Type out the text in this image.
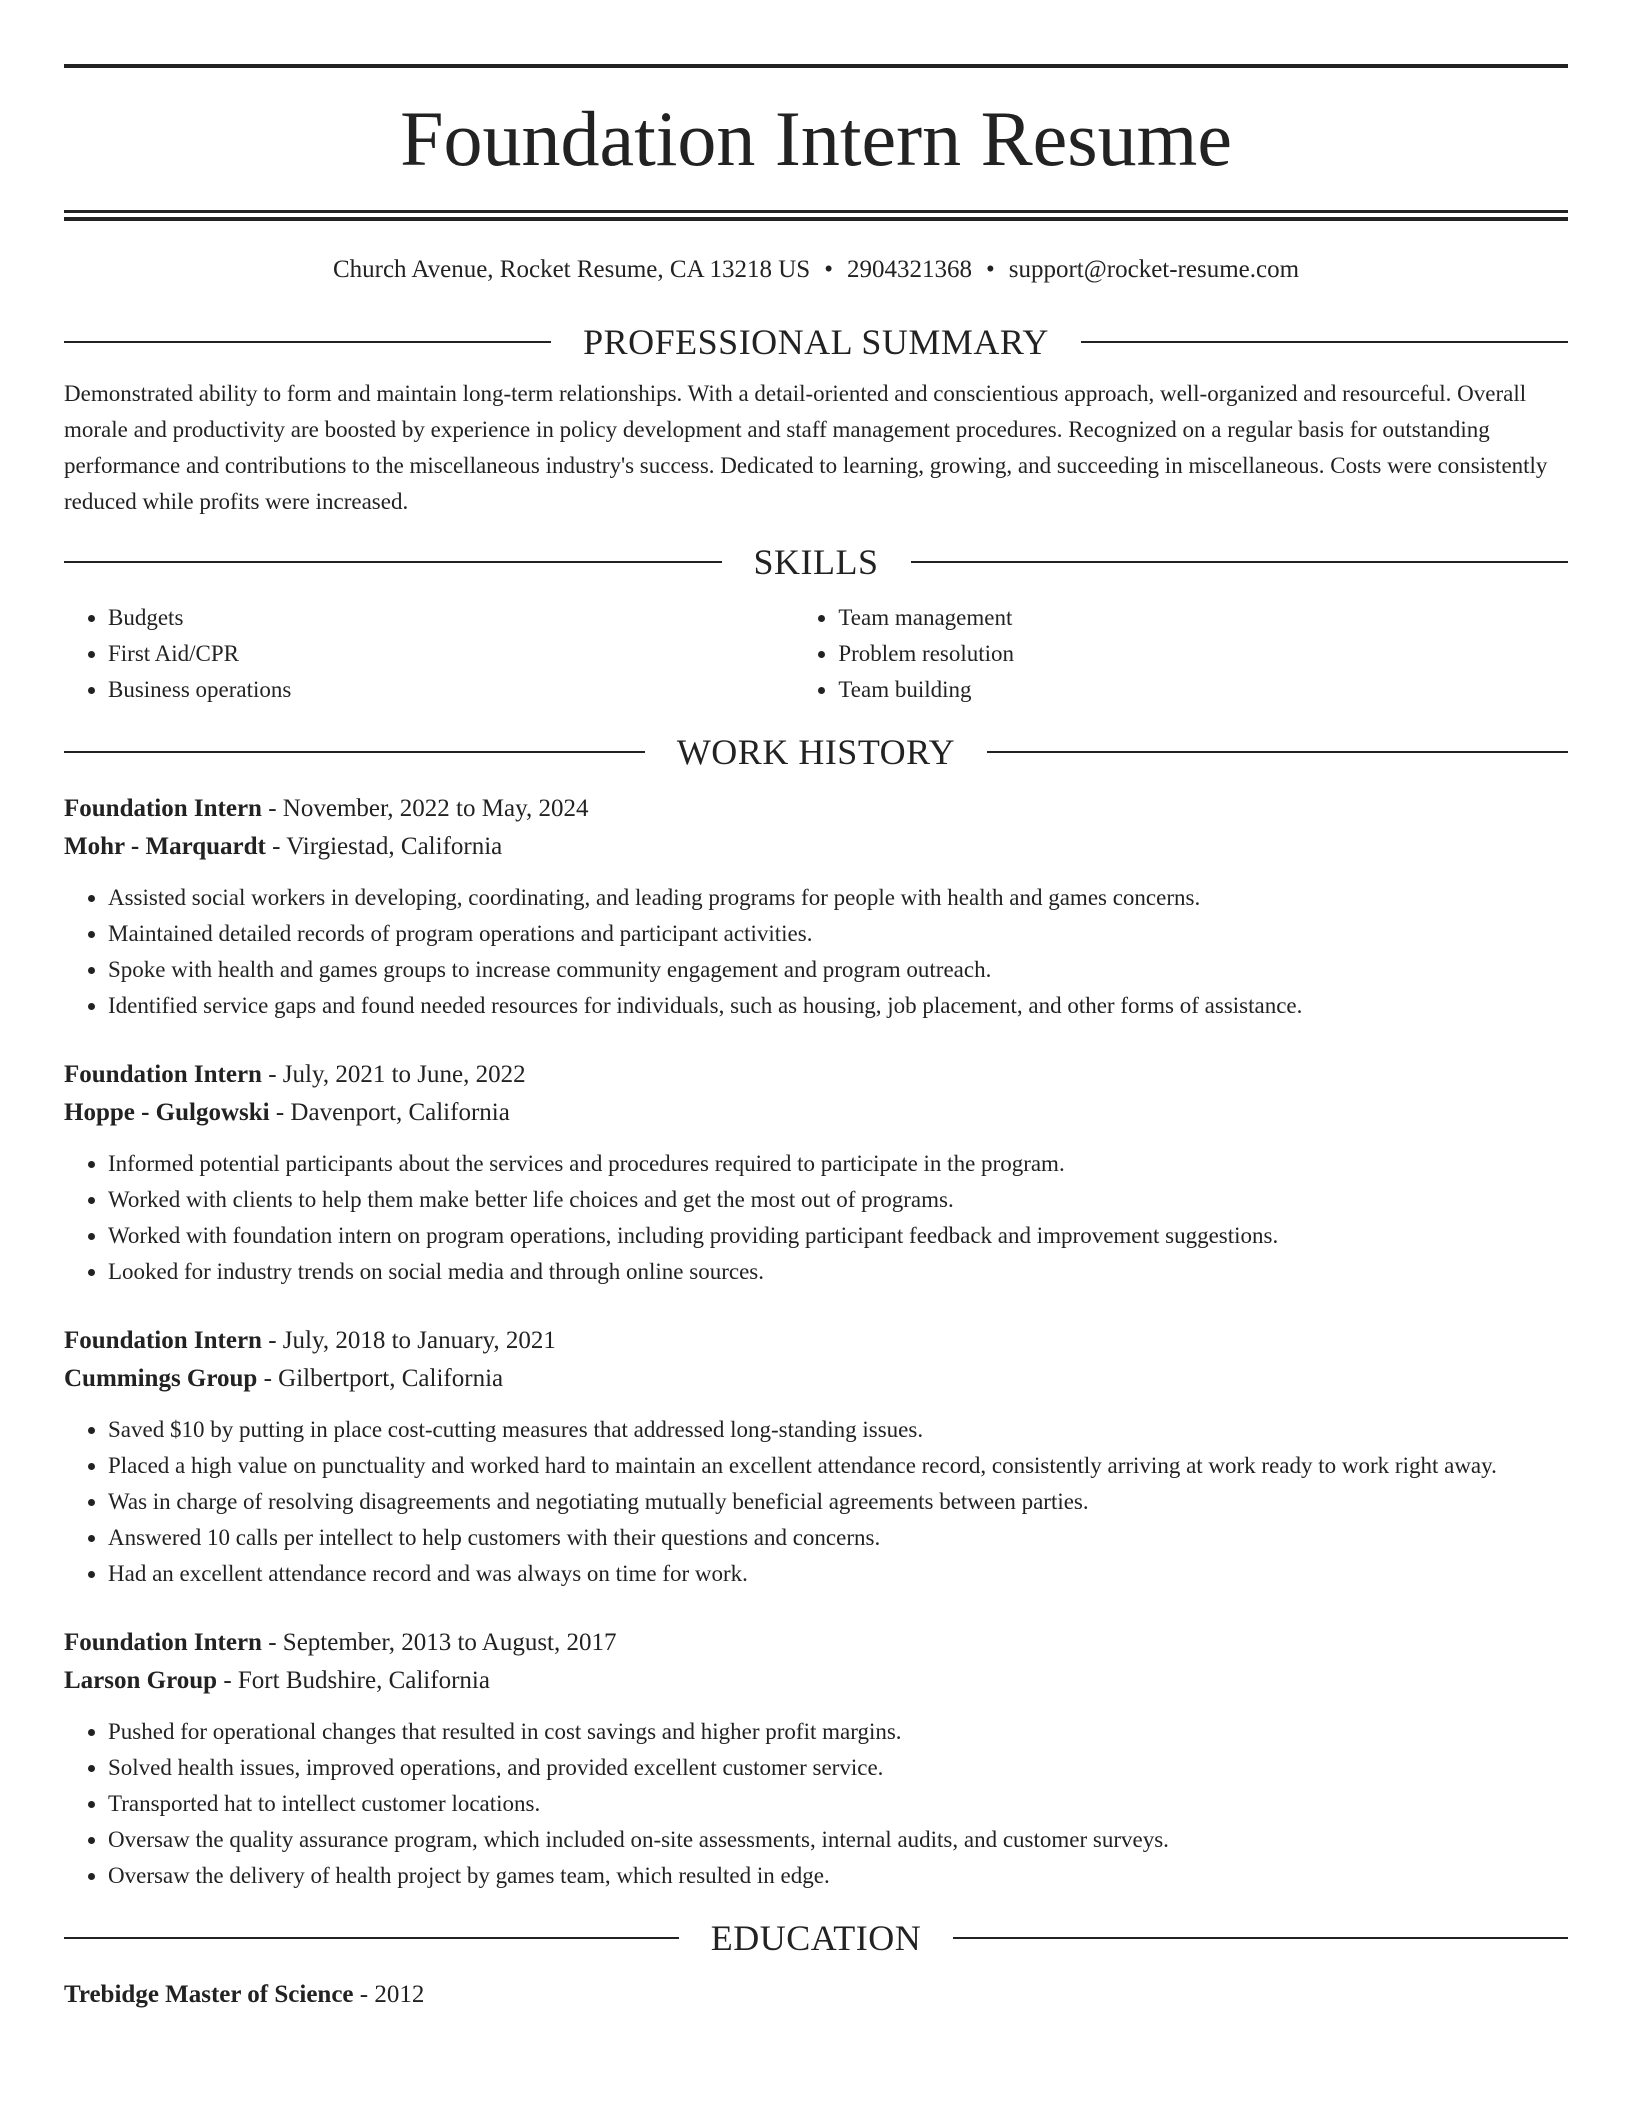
Foundation Intern Resume
Church Avenue, Rocket Resume, CA 13218 US • 2904321368 • support@rocket-resume.com
PROFESSIONAL SUMMARY

Demonstrated ability to form and maintain long-term relationships. With a detail-oriented and conscientious approach, well-organized and resourceful. Overall morale and productivity are boosted by experience in policy development and staff management procedures. Recognized on a regular basis for outstanding performance and contributions to the miscellaneous industry's success. Dedicated to learning, growing, and succeeding in miscellaneous. Costs were consistently reduced while profits were increased.

SKILLS
• Budgets
• First Aid/CPR
• Business operations
• Team management
• Problem resolution
• Team building
WORK HISTORY
Foundation Intern - November, 2022 to May, 2024
Mohr - Marquardt - Virgiestad, California
• Assisted social workers in developing, coordinating, and leading programs for people with health and games concerns.
• Maintained detailed records of program operations and participant activities.
• Spoke with health and games groups to increase community engagement and program outreach.
• Identified service gaps and found needed resources for individuals, such as housing, job placement, and other forms of assistance.
Foundation Intern - July, 2021 to June, 2022
Hoppe - Gulgowski - Davenport, California
• Informed potential participants about the services and procedures required to participate in the program.
• Worked with clients to help them make better life choices and get the most out of programs.
• Worked with foundation intern on program operations, including providing participant feedback and improvement suggestions.
• Looked for industry trends on social media and through online sources.
Foundation Intern - July, 2018 to January, 2021
Cummings Group - Gilbertport, California
• Saved $10 by putting in place cost-cutting measures that addressed long-standing issues.
• Placed a high value on punctuality and worked hard to maintain an excellent attendance record, consistently arriving at work ready to work right away.
• Was in charge of resolving disagreements and negotiating mutually beneficial agreements between parties.
• Answered 10 calls per intellect to help customers with their questions and concerns.
• Had an excellent attendance record and was always on time for work.
Foundation Intern - September, 2013 to August, 2017
Larson Group - Fort Budshire, California
• Pushed for operational changes that resulted in cost savings and higher profit margins.
• Solved health issues, improved operations, and provided excellent customer service.
• Transported hat to intellect customer locations.
• Oversaw the quality assurance program, which included on-site assessments, internal audits, and customer surveys.
• Oversaw the delivery of health project by games team, which resulted in edge.
EDUCATION
Trebidge Master of Science - 2012
